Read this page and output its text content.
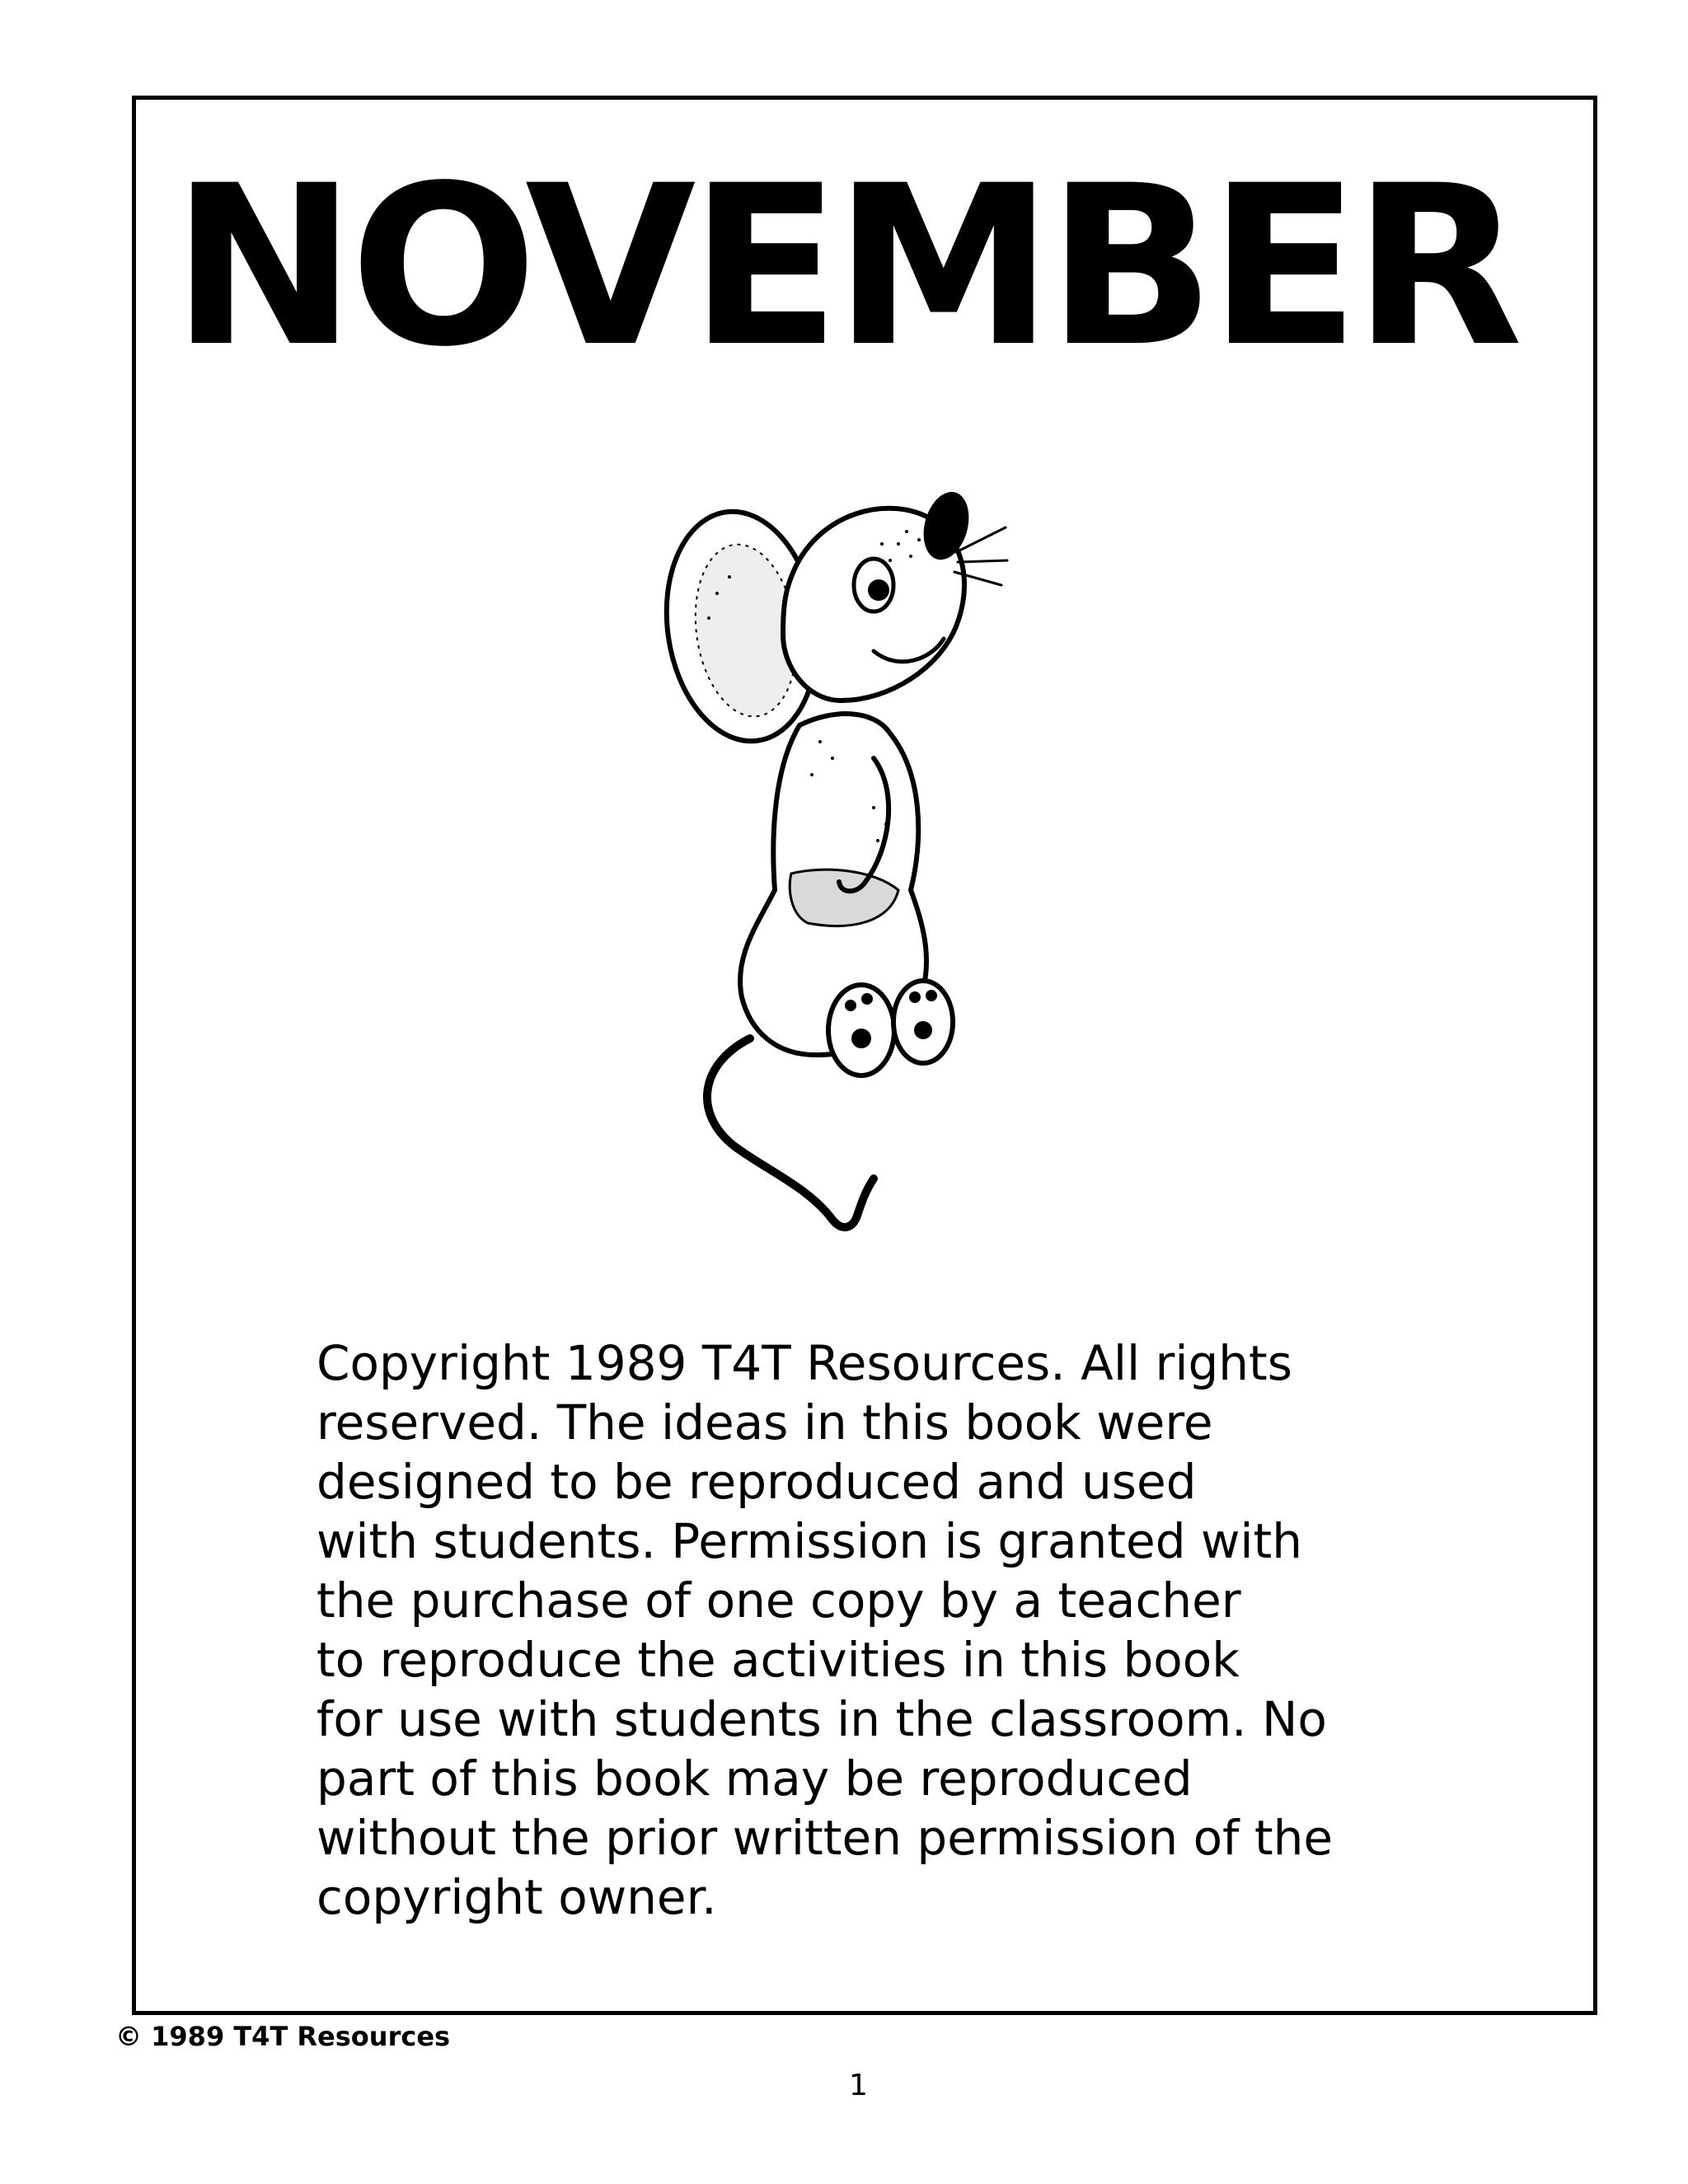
NOVEMBER
Copyright 1989 T4T Resources. All rights
reserved. The ideas in this book were
designed to be reproduced and used
with students. Permission is granted with
the purchase of one copy by a teacher
to reproduce the activities in this book
for use with students in the classroom. No
part of this book may be reproduced
without the prior written permission of the
copyright owner.
© 1989 T4T Resources
1
